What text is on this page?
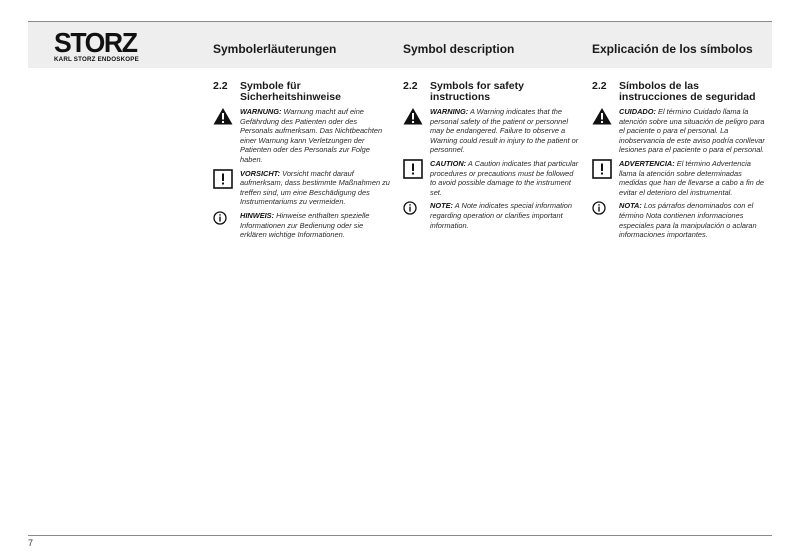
STORZ
KARL STORZ ENDOSKOPE
Symbolerläuterungen	Symbol description	Explicación de los símbolos
2.2	Symbole für Sicherheitshinweise
WARNUNG: Warnung macht auf eine Gefährdung des Patienten oder des Personals aufmerksam. Das Nichtbeachten einer Warnung kann Verletzungen der Patienten oder des Personals zur Folge haben.
VORSICHT: Vorsicht macht darauf aufmerksam, dass bestimmte Maßnahmen zu treffen sind, um eine Beschädigung des Instrumentariums zu vermeiden.
HINWEIS: Hinweise enthalten spezielle Informationen zur Bedienung oder sie erklären wichtige Informationen.
2.2	Symbols for safety instructions
WARNING: A Warning indicates that the personal safety of the patient or personnel may be endangered. Failure to observe a Warning could result in injury to the patient or personnel.
CAUTION: A Caution indicates that particular procedures or precautions must be followed to avoid possible damage to the instrument set.
NOTE: A Note indicates special information regarding operation or clarifies important information.
2.2	Símbolos de las instrucciones de seguridad
CUIDADO: El término Cuidado llama la atención sobre una situación de peligro para el paciente o para el personal. La inobservancia de este aviso podría conllevar lesiones para el paciente o para el personal.
ADVERTENCIA: El término Advertencia llama la atención sobre determinadas medidas que han de llevarse a cabo a fin de evitar el deterioro del instrumental.
NOTA: Los párrafos denominados con el término Nota contienen informaciones especiales para la manipulación o aclaran informaciones importantes.
7
